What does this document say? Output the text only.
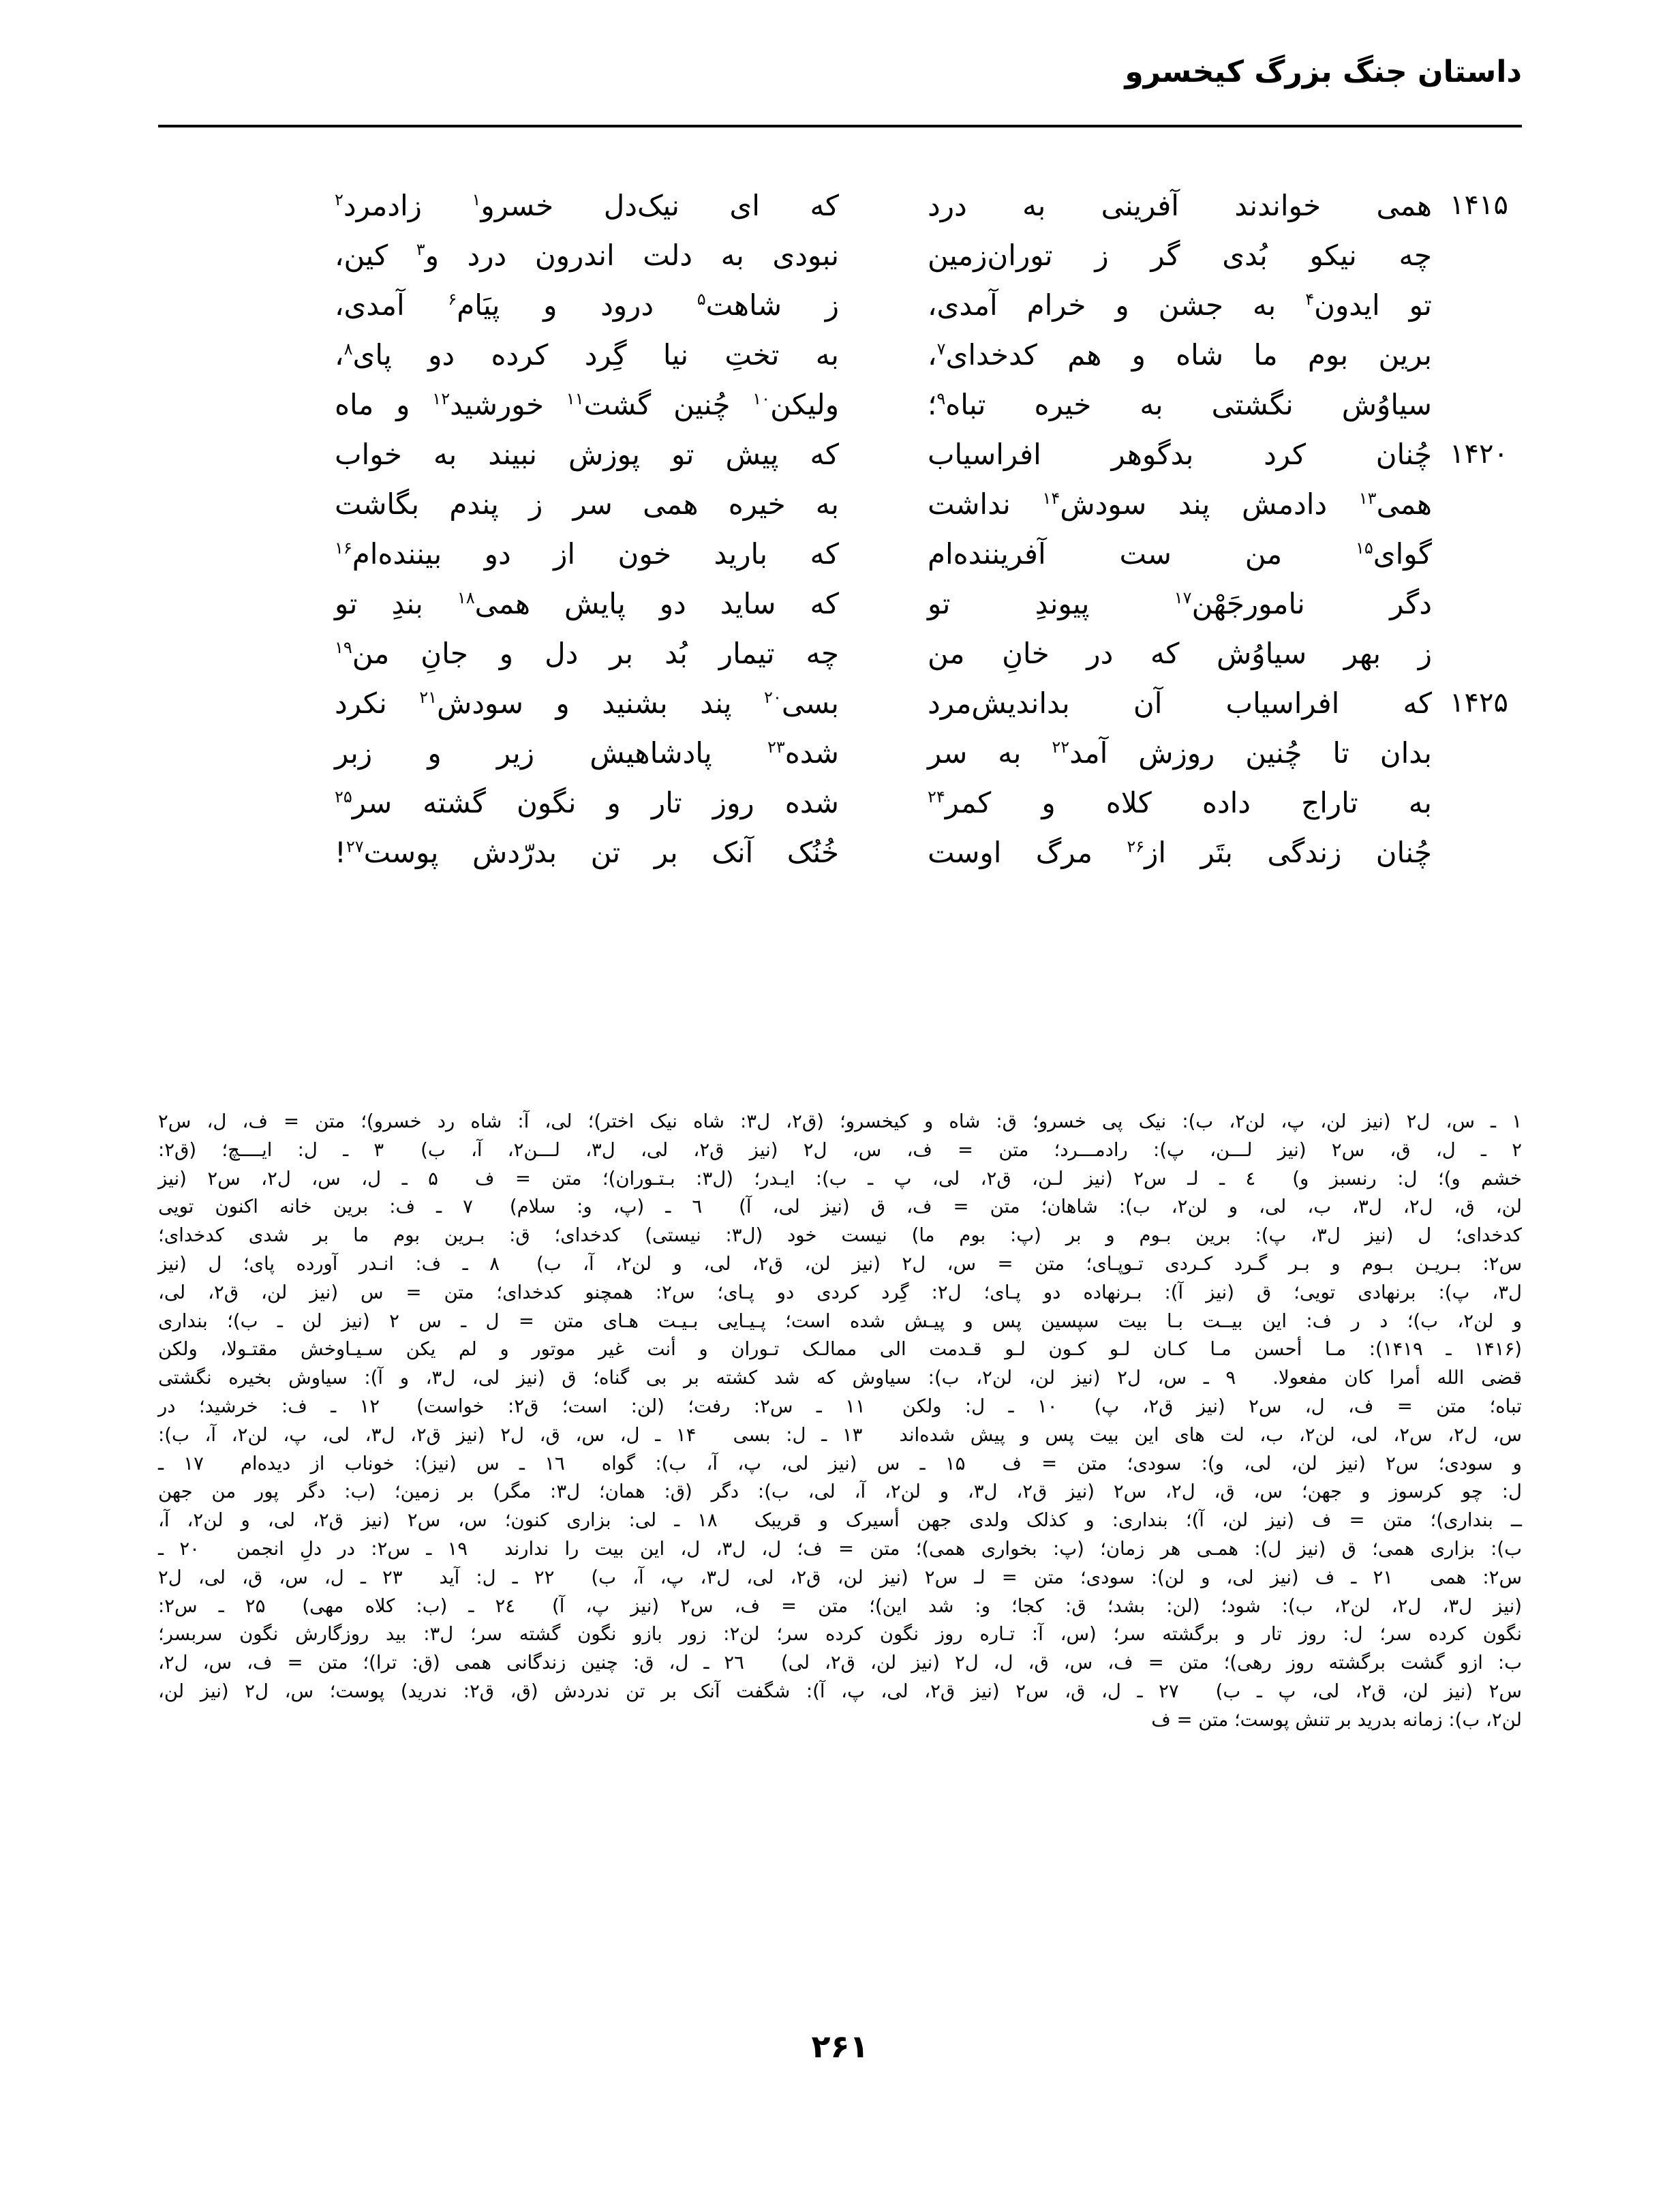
داستان جنگ بزرگ کیخسرو
۱۴۱۵
همی خواندند آفرینی به درد
که ای نیک‌دل خسرو$^۱$ زادمرد$^۲$
چه نیکو بُدی گر ز توران‌زمین
نبودی به دلت اندرون درد و$^۳$ کین،
تو ایدون$^۴$ به جشن و خرام آمدی،
ز شاهت$^۵$ درود و پیَام$^۶$ آمدی،
برین بوم ما شاه و هم کدخدای$^۷$،
به تختِ نیا گِرد کرده دو پای$^۸$،
سیاوُش نگشتی به خیره تباه$^۹$؛
ولیکن$^{۱۰}$ چُنین گشت$^{۱۱}$ خورشید$^{۱۲}$ و ماه
۱۴۲۰
چُنان کرد بدگوهر افراسیاب
که پیش تو پوزش نبیند به خواب
همی$^{۱۳}$ دادمش پند سودش$^{۱۴}$ نداشت
به خیره همی سر ز پندم بگاشت
گوای$^{۱۵}$ من ست آفریننده‌ام
که بارید خون از دو بیننده‌ام$^{۱۶}$
دگر نامورجَهْن$^{۱۷}$ پیوندِ تو
که ساید دو پایش همی$^{۱۸}$ بندِ تو
ز بهر سیاوُش که در خانِ من
چه تیمار بُد بر دل و جانِ من$^{۱۹}$
۱۴۲۵
که افراسیاب آن بداندیش‌مرد
بسی$^{۲۰}$ پند بشنید و سودش$^{۲۱}$ نکرد
بدان تا چُنین روزش آمد$^{۲۲}$ به سر
شده$^{۲۳}$ پادشاهیش زیر و زبر
به تاراج داده کلاه و کمر$^{۲۴}$
شده روز تار و نگون گشته سر$^{۲۵}$
چُنان زندگی بتَر از$^{۲۶}$ مرگ اوست
خُنُک آنک بر تن بدرّدش پوست$^{۲۷}$!

۱ ـ س، ل۲ (نیز لن، پ، لن۲، ب): نیک پی خسرو؛ ق: شاه و کیخسرو؛ (ق۲، ل۳: شاه نیک اختر)؛ لی، آ: شاه رد خسرو)؛ متن = ف، ل، س۲

۲ ـ ل، ق، س۲ (نیز لـــن، پ): رادمـــرد؛ متن = ف، س، ل۲ (نیز ق۲، لی، ل۳، لـــن۲، آ، ب)۳ ـ ل: ایــــچ؛ (ق۲:

خشم و)؛ ل: رنسبز و)٤ ـ لـ س۲ (نیز لـن، ق۲، لی، پ ـ ب): ایـدر؛ (ل۳: بـتـوران)؛ متن = ف۵ ـ ل، س، ل۲، س۲ (نیز

لن، ق، ل۲، ل۳، ب، لی، و لن۲، ب): شاهان؛ متن = ف، ق (نیز لی، آ)٦ ـ (پ، و: سلام)۷ ـ ف: برین خانه اکنون تویی

کدخدای؛ ل (نیز ل۳، پ): برین بـوم و بر (پ: بوم ما) نیست خود (ل۳: نیستی) کدخدای؛ ق: بـرین بوم ما بر شدی کدخدای؛

س۲: بـریـن بـوم و بـر گـرد کـردی تـوپـای؛ متن = س، ل۲ (نیز لن، ق۲، لی، و لن۲، آ، ب)۸ ـ ف: انـدر آورده پای؛ ل (نیز

ل۳، پ): برنهادی تویی؛ ق (نیز آ): بـرنهاده دو پـای؛ ل۲: گِرد کردی دو پـای؛ س۲: همچنو کدخدای؛ متن = س (نیز لن، ق۲، لی،

و لن۲، ب)؛ د ر ف: این بیــت بـا بیت سپسین پس و پیـش شده است؛ پـیـایی بـیـت هـای متن = ل ـ س ۲ (نیز لن ـ ب)؛ بنداری

(۱۴۱۶ ـ ۱۴۱۹): مـا أحسن مـا کـان لـو کـون لـو قـدمت الی ممالـک تـوران و أنت غیر موتور و لم یکن سـیـاوخش مقتـولا، ولکن

قضی الله أمرا کان مفعولا.۹ ـ س، ل۲ (نیز لن، لن۲، ب): سیاوش که شد کشته بر بی گناه؛ ق (نیز لی، ل۳، و آ): سیاوش بخیره نگشتی

تباه؛ متن = ف، ل، س۲ (نیز ق۲، پ)۱۰ ـ ل: ولکن۱۱ ـ س۲: رفت؛ (لن: است؛ ق۲: خواست)۱۲ ـ ف: خرشید؛ در

س، ل۲، س۲، لی، لن۲، ب، لت های این بیت پس و پیش شده‌اند۱۳ ـ ل: بسی۱۴ ـ ل، س، ق، ل۲ (نیز ق۲، ل۳، لی، پ، لن۲، آ، ب):

و سودی؛ س۲ (نیز لن، لی، و): سودی؛ متن = ف۱۵ ـ س (نیز لی، پ، آ، ب): گواه۱٦ ـ س (نیز): خوناب از دیده‌ام۱۷ ـ

ل: چو کرسوز و جهن؛ س، ق، ل۲، س۲ (نیز ق۲، ل۳، و لن۲، آ، لی، ب): دگر (ق: همان؛ ل۳: مگر) بر زمین؛ (ب: دگر پور من جهن

ــ بنداری)؛ متن = ف (نیز لن، آ)؛ بنداری: و کذلک ولدی جهن أسیرک و قریبک۱۸ ـ لی: بزاری کنون؛ س، س۲ (نیز ق۲، لی، و لن۲، آ،

ب): بزاری همی؛ ق (نیز ل): همـی هر زمان؛ (پ: بخواری همی)؛ متن = ف؛ ل، ل۳، ل، این بیت را ندارند۱۹ ـ س۲: در دلِ انجمن۲۰ ـ

س۲: همی۲۱ ـ ف (نیز لی، و لن): سودی؛ متن = لـ س۲ (نیز لن، ق۲، لی، ل۳، پ، آ، ب)۲۲ ـ ل: آید۲۳ ـ ل، س، ق، لی، ل۲

(نیز ل۳، ل۲، لن۲، ب): شود؛ (لن: بشد؛ ق: کجا؛ و: شد این)؛ متن = ف، س۲ (نیز پ، آ)۲٤ ـ (ب: کلاه مهی)۲۵ ـ س۲:

نگون کرده سر؛ ل: روز تار و برگشته سر؛ (س، آ: تـاره روز نگون کرده سر؛ لن۲: زور بازو نگون گشته سر؛ ل۳: بید روزگارش نگون سربسر؛

ب: ازو گشت برگشته روز رهی)؛ متن = ف، س، ق، ل، ل۲ (نیز لن، ق۲، لی)۲٦ ـ ل، ق: چنین زندگانی همی (ق: ترا)؛ متن = ف، س، ل۲،

س۲ (نیز لن، ق۲، لی، پ ـ ب)۲۷ ـ ل، ق، س۲ (نیز ق۲، لی، پ، آ): شگفت آنک بر تن ندردش (ق، ق۲: ندرید) پوست؛ س، ل۲ (نیز لن،

لن۲، ب): زمانه بدرید بر تنش پوست؛ متن = ف

۲۶۱
